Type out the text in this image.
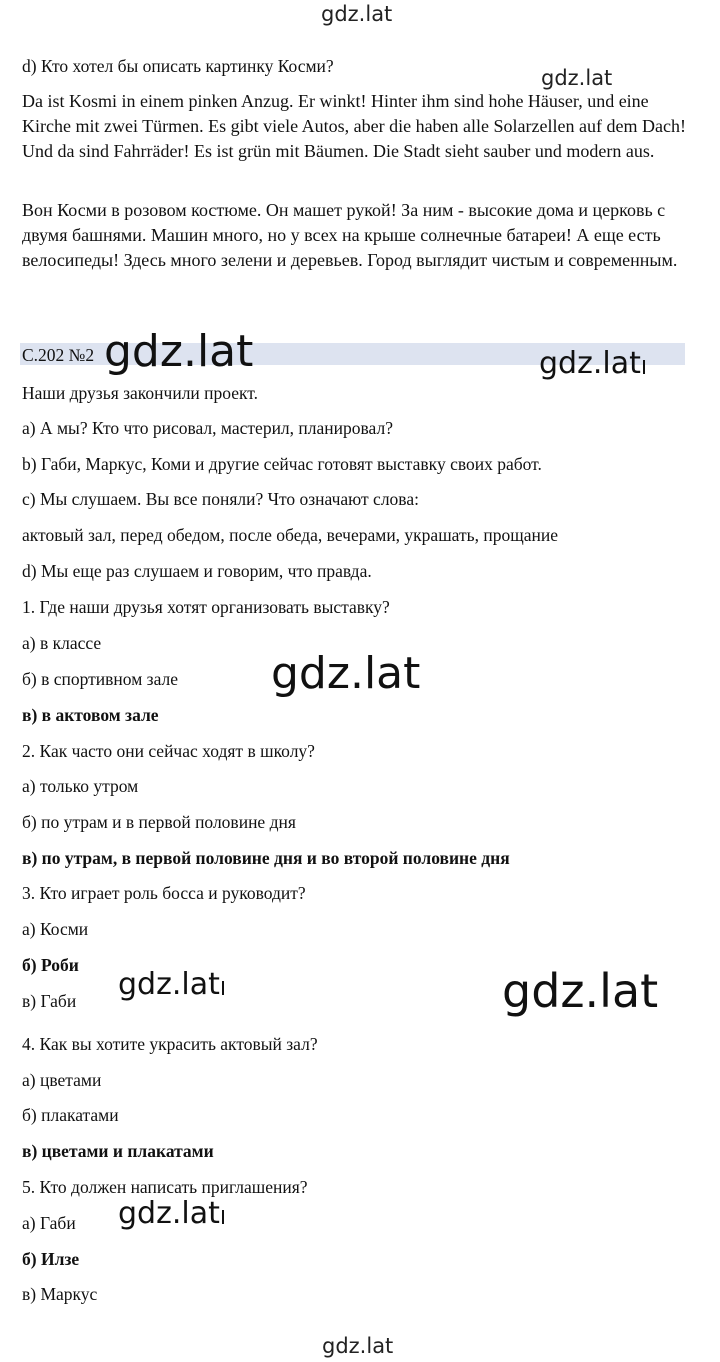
gdz.lat
gdz.lat
d) Кто хотел бы описать картинку Косми?
Da ist Kosmi in einem pinken Anzug. Er winkt! Hinter ihm sind hohe Häuser, und eine Kirche mit zwei Türmen. Es gibt viele Autos, aber die haben alle Solarzellen auf dem Dach! Und da sind Fahrräder! Es ist grün mit Bäumen. Die Stadt sieht sauber und modern aus.
Вон Косми в розовом костюме. Он машет рукой! За ним - высокие дома и церковь с двумя башнями. Машин много, но у всех на крыше солнечные батареи! А еще есть велосипеды! Здесь много зелени и деревьев. Город выглядит чистым и современным.
С.202 №2 gdz.lat	gdz.lat
Наши друзья закончили проект.
a) А мы? Кто что рисовал, мастерил, планировал?
b) Габи, Маркус, Коми и другие сейчас готовят выставку своих работ.
c) Мы слушаем. Вы все поняли? Что означают слова:
актовый зал, перед обедом, после обеда, вечерами, украшать, прощание
d) Мы еще раз слушаем и говорим, что правда.
1. Где наши друзья хотят организовать выставку?
а) в классе
б) в спортивном зале gdz.lat
в) в актовом зале
2. Как часто они сейчас ходят в школу?
а) только утром
б) по утрам и в первой половине дня
в) по утрам, в первой половине дня и во второй половине дня
3. Кто играет роль босса и руководит?
а) Косми
б) Роби
в) Габи gdz.lat	gdz.lat
4. Как вы хотите украсить актовый зал?
а) цветами
б) плакатами
в) цветами и плакатами
5. Кто должен написать приглашения?
а) Габи gdz.lat
б) Илзе
в) Маркус
gdz.lat
